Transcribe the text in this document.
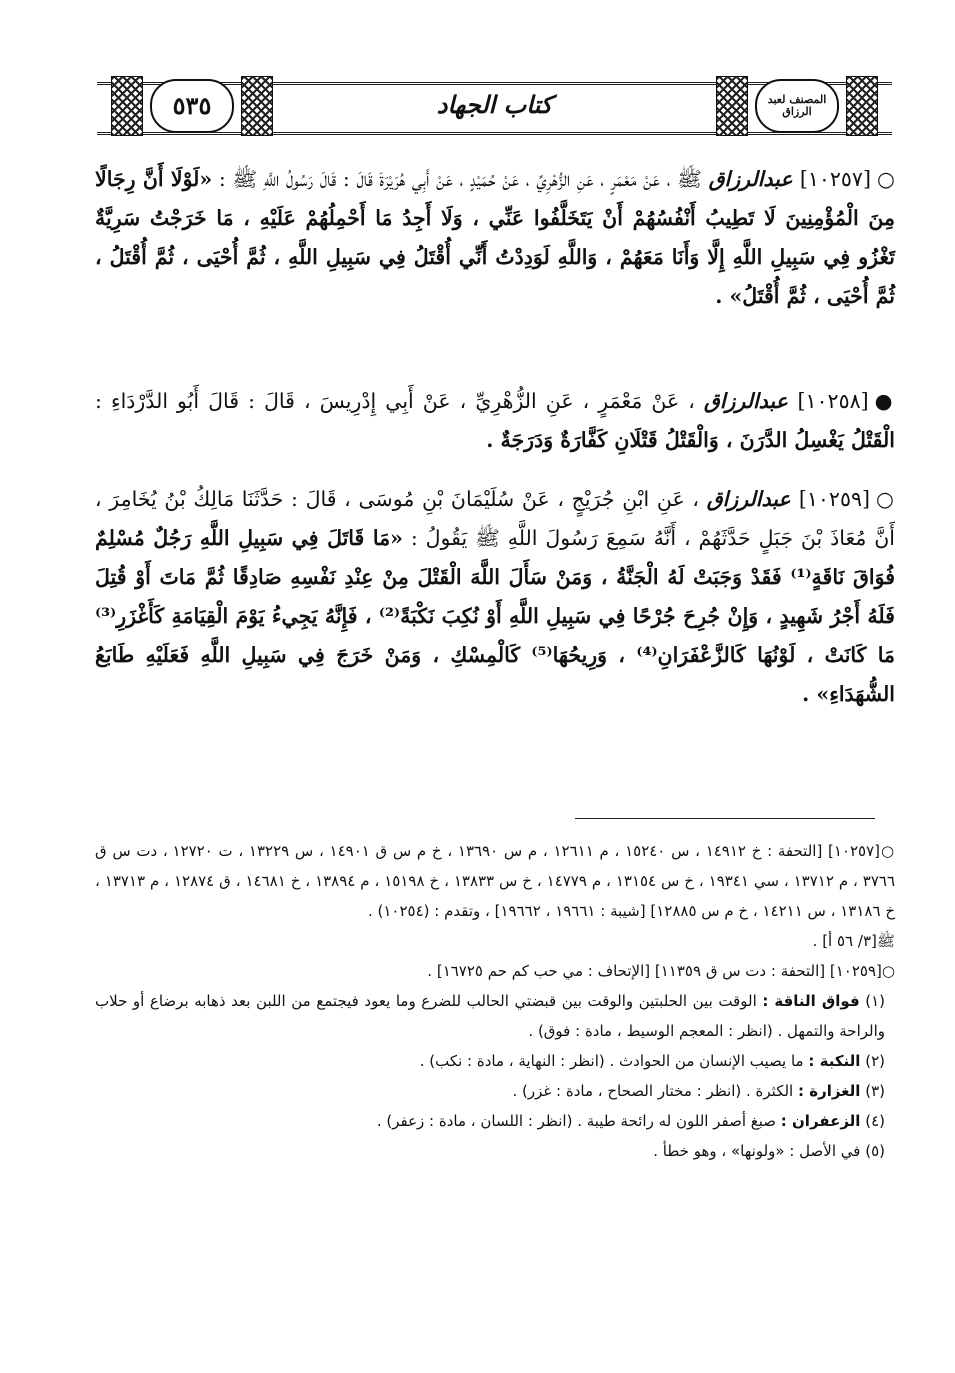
٥٣٥	كتاب الجهاد	المصنف لعبد الرزاق

○[١٠٢٥٧] عبدالرزاق ﷺ ، عَنْ مَعْمَرٍ ، عَنِ الزُّهْرِيِّ ، عَنْ حُمَيْدٍ ، عَنْ أَبِي هُرَيْرَةَ قَالَ : قَالَ رَسُولُ اللَّهِ ﷺ : «لَوْلَا أَنَّ رِجَالًا مِنَ الْمُؤْمِنِينَ لَا تَطِيبُ أَنْفُسُهُمْ أَنْ يَتَخَلَّفُوا عَنِّي ، وَلَا أَجِدُ مَا أَحْمِلُهُمْ عَلَيْهِ ، مَا خَرَجْتُ سَرِيَّةٌ تَغْزُو فِي سَبِيلِ اللَّهِ إِلَّا وَأَنَا مَعَهُمْ ، وَاللَّهِ لَوَدِدْتُ أَنِّي أُقْتَلُ فِي سَبِيلِ اللَّهِ ، ثُمَّ أُحْيَى ، ثُمَّ أُقْتَلُ ، ثُمَّ أُحْيَى ، ثُمَّ أُقْتَلُ» .

●[١٠٢٥٨] عبدالرزاق ، عَنْ مَعْمَرٍ ، عَنِ الزُّهْرِيِّ ، عَنْ أَبِي إِدْرِيسَ ، قَالَ : قَالَ أَبُو الدَّرْدَاءِ : الْقَتْلُ يَغْسِلُ الدَّرَنَ ، وَالْقَتْلُ قَتْلَانِ كَفَّارَةٌ وَدَرَجَةٌ .

○[١٠٢٥٩] عبدالرزاق ، عَنِ ابْنِ جُرَيْجٍ ، عَنْ سُلَيْمَانَ بْنِ مُوسَى ، قَالَ : حَدَّثَنَا مَالِكُ بْنُ يُخَامِرَ ، أَنَّ مُعَاذَ بْنَ جَبَلٍ حَدَّثَهُمْ ، أَنَّهُ سَمِعَ رَسُولَ اللَّهِ ﷺ يَقُولُ : «مَا قَاتَلَ فِي سَبِيلِ اللَّهِ رَجُلٌ مُسْلِمٌ فُوَاقَ نَاقَةٍ⁽¹⁾ فَقَدْ وَجَبَتْ لَهُ الْجَنَّةُ ، وَمَنْ سَأَلَ اللَّهَ الْقَتْلَ مِنْ عِنْدِ نَفْسِهِ صَادِقًا ثُمَّ مَاتَ أَوْ قُتِلَ فَلَهُ أَجْرُ شَهِيدٍ ، وَإِنْ جُرِحَ جُرْحًا فِي سَبِيلِ اللَّهِ أَوْ نُكِبَ نَكْبَةً⁽²⁾ ، فَإِنَّهُ يَجِيءُ يَوْمَ الْقِيَامَةِ كَأَغْزَرِ⁽³⁾ مَا كَانَتْ ، لَوْنُهَا كَالزَّعْفَرَانِ⁽⁴⁾ ، وَرِيحُهَا⁽⁵⁾ كَالْمِسْكِ ، وَمَنْ خَرَجَ فِي سَبِيلِ اللَّهِ فَعَلَيْهِ طَابَعُ الشُّهَدَاءِ» .

○[١٠٢٥٧] [التحفة : خ ١٤٩١٢ ، س ١٥٢٤٠ ، م ١٢٦١١ ، م س ١٣٦٩٠ ، خ م س ق ١٤٩٠١ ، س ١٣٢٢٩ ، ت ١٢٧٢٠ ، دت س ق ٣٧٦٦ ، م ١٣٧١٢ ، سي ١٩٣٤١ ، خ س ١٣١٥٤ ، م ١٤٧٧٩ ، خ س ١٣٨٣٣ ، خ ١٥١٩٨ ، م ١٣٨٩٤ ، خ ١٤٦٨١ ، ق ١٢٨٧٤ ، م ١٣٧١٣ ، خ ١٣١٨٦ ، س ١٤٢١١ ، خ م س ١٢٨٨٥] [شيبة : ١٩٦٦١ ، ١٩٦٦٢] ، وتقدم : (١٠٢٥٤) .

ﷺ[٣/ ٥٦ أ] .

○[١٠٢٥٩] [التحفة : دت س ق ١١٣٥٩] [الإتحاف : مي حب كم حم ١٦٧٢٥] .

(١) فواق الناقة : الوقت بين الحلبتين والوقت بين قبضتي الحالب للضرع وما يعود فيجتمع من اللبن بعد ذهابه برضاع أو حلاب والراحة والتمهل . (انظر : المعجم الوسيط ، مادة : فوق) .

(٢) النكبة : ما يصيب الإنسان من الحوادث . (انظر : النهاية ، مادة : نكب) .

(٣) الغزارة : الكثرة . (انظر : مختار الصحاح ، مادة : غزر) .

(٤) الزعفران : صبغ أصفر اللون له رائحة طيبة . (انظر : اللسان ، مادة : زعفر) .

(٥) في الأصل : «ولونها» ، وهو خطأ .
